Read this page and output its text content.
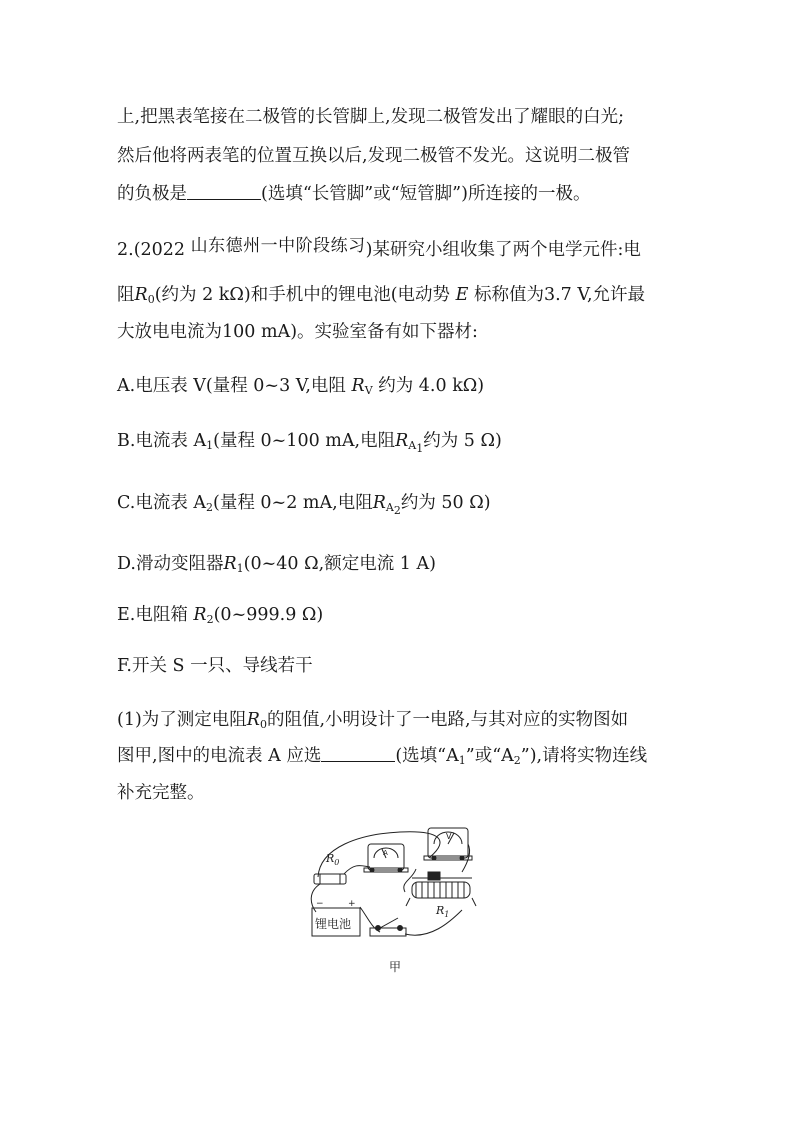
上,把黑表笔接在二极管的长管脚上,发现二极管发出了耀眼的白光;
然后他将两表笔的位置互换以后,发现二极管不发光。这说明二极管
的负极是	(选填“长管脚”或“短管脚”)所连接的一极。
2.(2022 山东德州一中阶段练习)某研究小组收集了两个电学元件:电
阻$R_0$(约为 2 kΩ)和手机中的锂电池(电动势 E 标称值为3.7 V,允许最
大放电电流为100 mA)。实验室备有如下器材:
A.电压表 V(量程 0~3 V,电阻 $R_V$ 约为 4.0 kΩ)
B.电流表 $A_1$(量程 0~100 mA,电阻$R_{A_1}$约为 5 Ω)
C.电流表 $A_2$(量程 0~2 mA,电阻$R_{A_2}$约为 50 Ω)
D.滑动变阻器$R_1(0\sim 40$ Ω,额定电流 1 A)
E.电阻箱 $R_2(0\sim 999.9$ Ω)
F.开关 S 一只、导线若干
(1)为了测定电阻$R_0$的阻值,小明设计了一电路,与其对应的实物图如
图甲,图中的电流表 A 应选	(选填“$A_1$”或“$A_2$”),请将实物连线
补充完整。
$R_0$
A
V
$R_1$
−	+
锂电池
甲
